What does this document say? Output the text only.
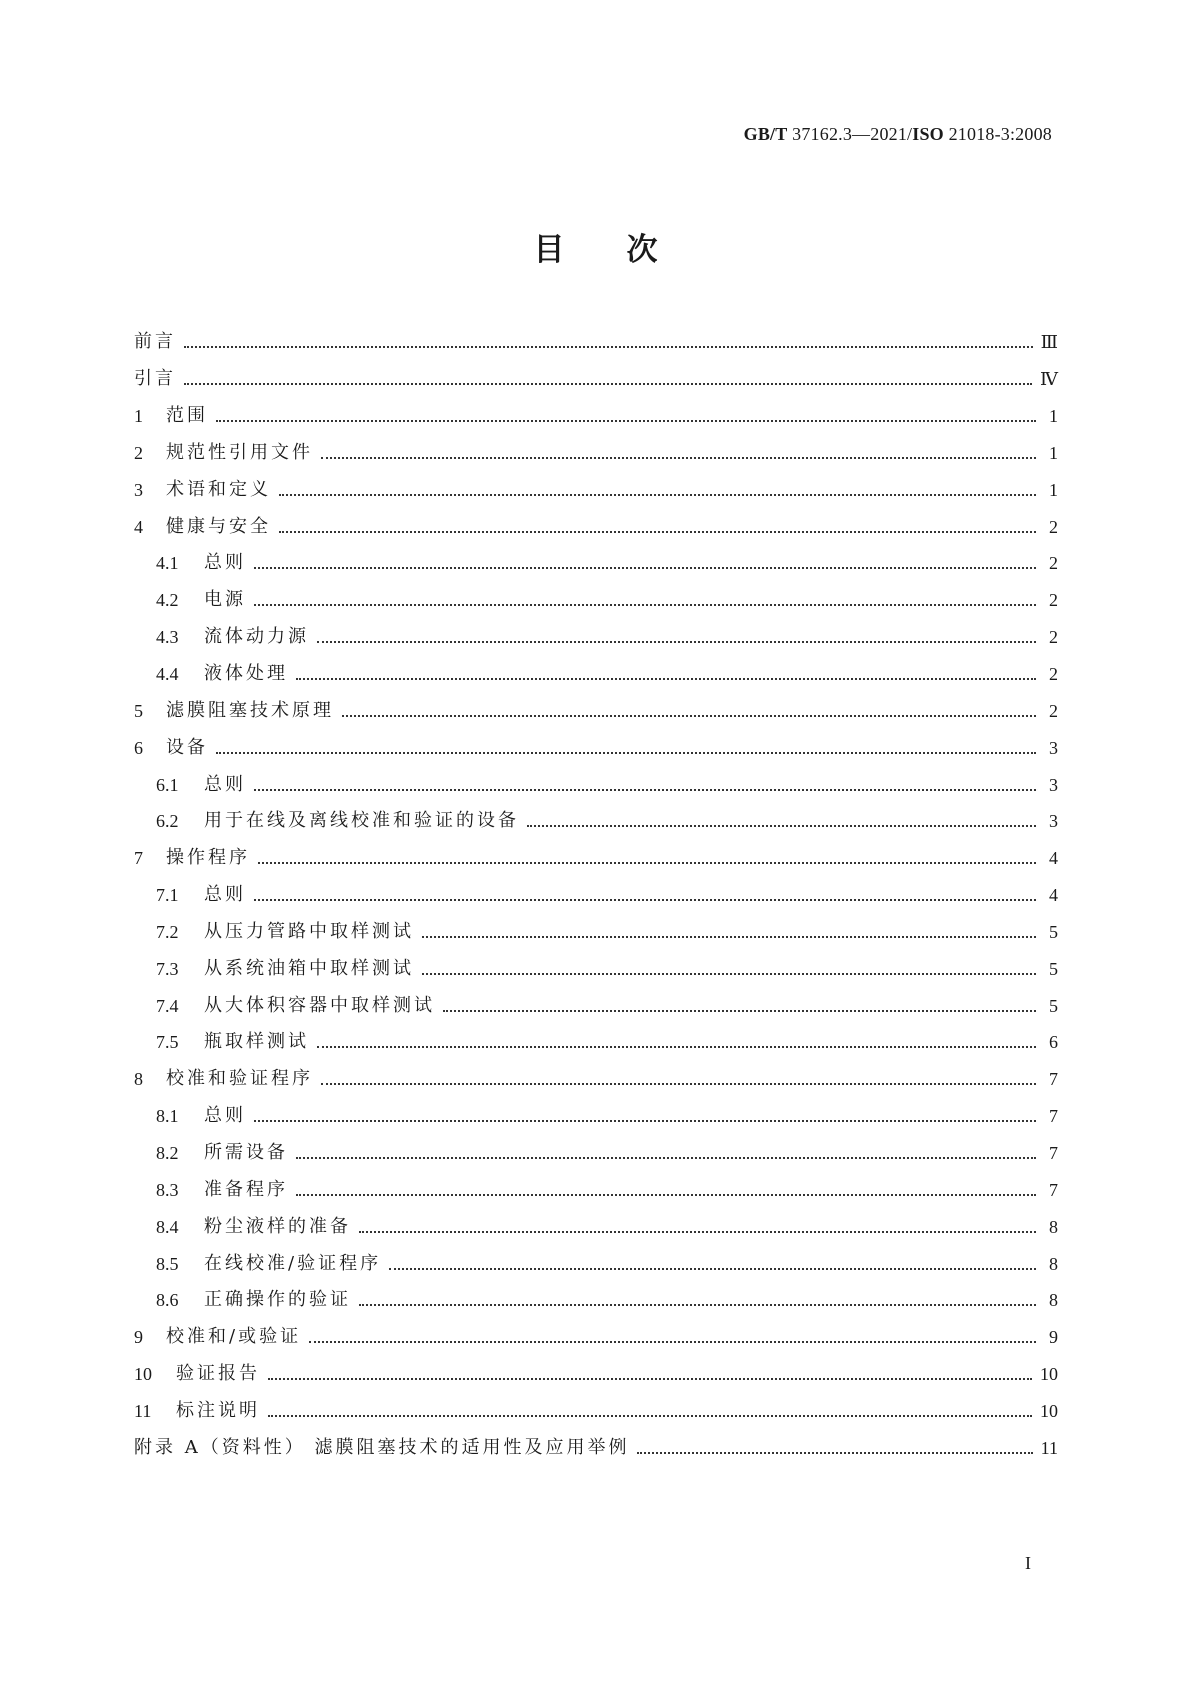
GB/T 37162.3—2021/ISO 21018-3:2008
目次
前言	Ⅲ
引言	Ⅳ
1	范围	1
2	规范性引用文件	1
3	术语和定义	1
4	健康与安全	2
4.1	总则	2
4.2	电源	2
4.3	流体动力源	2
4.4	液体处理	2
5	滤膜阻塞技术原理	2
6	设备	3
6.1	总则	3
6.2	用于在线及离线校准和验证的设备	3
7	操作程序	4
7.1	总则	4
7.2	从压力管路中取样测试	5
7.3	从系统油箱中取样测试	5
7.4	从大体积容器中取样测试	5
7.5	瓶取样测试	6
8	校准和验证程序	7
8.1	总则	7
8.2	所需设备	7
8.3	准备程序	7
8.4	粉尘液样的准备	8
8.5	在线校准/验证程序	8
8.6	正确操作的验证	8
9	校准和/或验证	9
10	验证报告	10
11	标注说明	10
附录 A（资料性） 滤膜阻塞技术的适用性及应用举例	11
I
